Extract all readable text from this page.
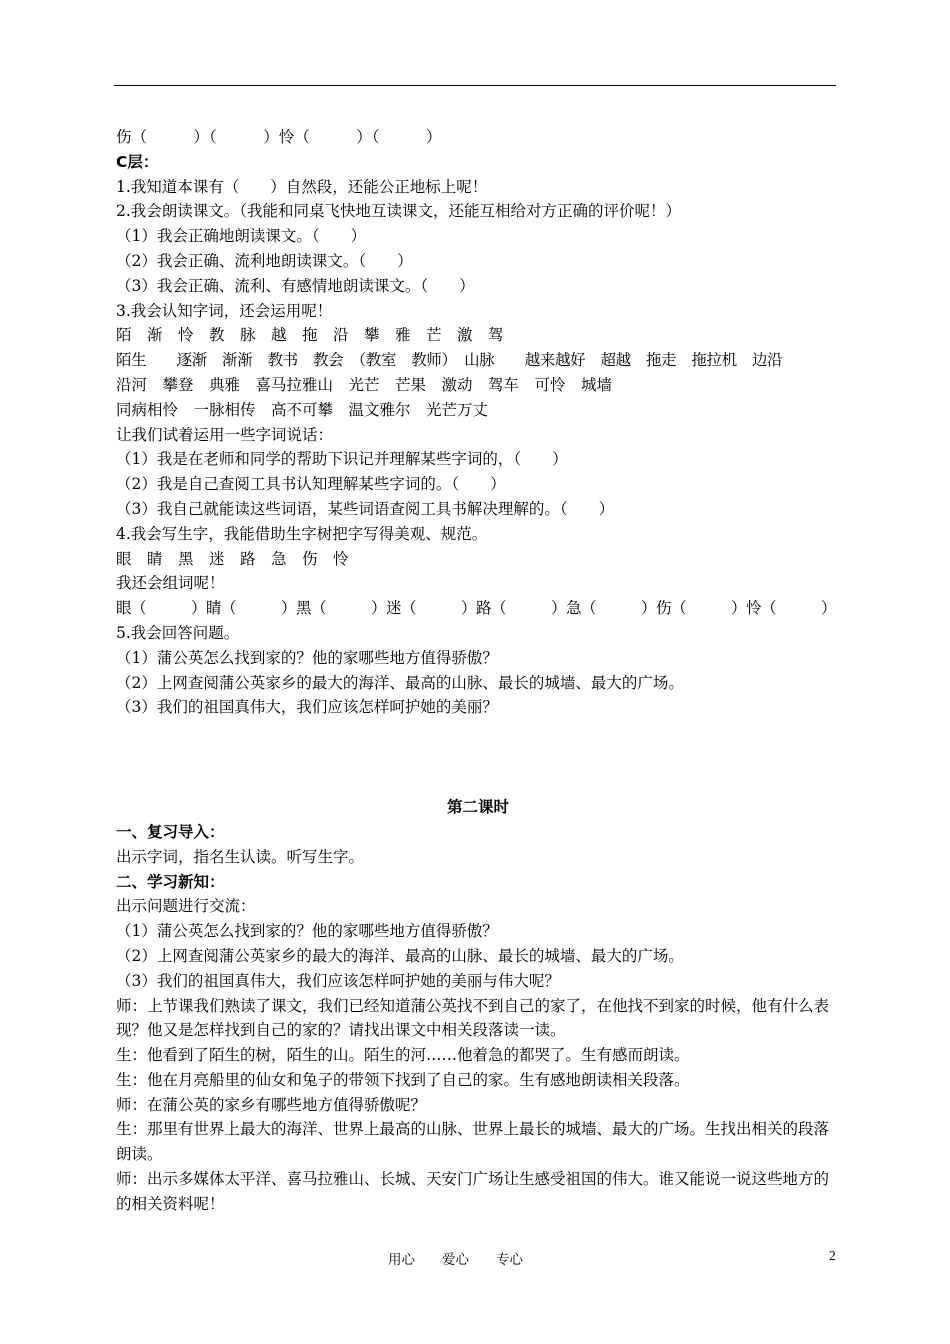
伤（　　　）（　　　）怜（　　　）（　　　）
C层：
1.我知道本课有（　　）自然段，还能公正地标上呢！
2.我会朗读课文。（我能和同桌飞快地互读课文，还能互相给对方正确的评价呢！）
（1）我会正确地朗读课文。（　　）
（2）我会正确、流利地朗读课文。（　　）
（3）我会正确、流利、有感情地朗读课文。（　　）
3.我会认知字词，还会运用呢！
陌　渐　怜　教　脉　越　拖　沿　攀　雅　芒　激　驾
陌生　　逐渐　渐渐　教书　教会　（教室　教师）　山脉　　越来越好　超越　拖走　拖拉机　边沿
沿河　攀登　典雅　喜马拉雅山　光芒　芒果　激动　驾车　可怜　城墙
同病相怜　一脉相传　高不可攀　温文雅尔　光芒万丈
让我们试着运用一些字词说话：
（1）我是在老师和同学的帮助下识记并理解某些字词的，（　　）
（2）我是自己查阅工具书认知理解某些字词的。（　　）
（3）我自己就能读这些词语，某些词语查阅工具书解决理解的。（　　）
4.我会写生字，我能借助生字树把字写得美观、规范。
眼　睛　黑　迷　路　急　伤　怜
我还会组词呢！
眼（　　　）睛（　　　）黑（　　　）迷（　　　）路（　　　）急（　　　）伤（　　　）怜（　　　）
5.我会回答问题。
（1）蒲公英怎么找到家的？他的家哪些地方值得骄傲？
（2）上网查阅蒲公英家乡的最大的海洋、最高的山脉、最长的城墙、最大的广场。
（3）我们的祖国真伟大，我们应该怎样呵护她的美丽？
第二课时
一、复习导入：
出示字词，指名生认读。听写生字。
二、学习新知：
出示问题进行交流：
（1）蒲公英怎么找到家的？他的家哪些地方值得骄傲？
（2）上网查阅蒲公英家乡的最大的海洋、最高的山脉、最长的城墙、最大的广场。
（3）我们的祖国真伟大，我们应该怎样呵护她的美丽与伟大呢？
师：上节课我们熟读了课文，我们已经知道蒲公英找不到自己的家了，在他找不到家的时候，他有什么表现？他又是怎样找到自己的家的？请找出课文中相关段落读一读。
生：他看到了陌生的树，陌生的山。陌生的河……他着急的都哭了。生有感而朗读。
生：他在月亮船里的仙女和兔子的带领下找到了自己的家。生有感地朗读相关段落。
师：在蒲公英的家乡有哪些地方值得骄傲呢？
生：那里有世界上最大的海洋、世界上最高的山脉、世界上最长的城墙、最大的广场。生找出相关的段落朗读。
师：出示多媒体太平洋、喜马拉雅山、长城、天安门广场让生感受祖国的伟大。谁又能说一说这些地方的的相关资料呢！
用心　　爱心　　专心	2
